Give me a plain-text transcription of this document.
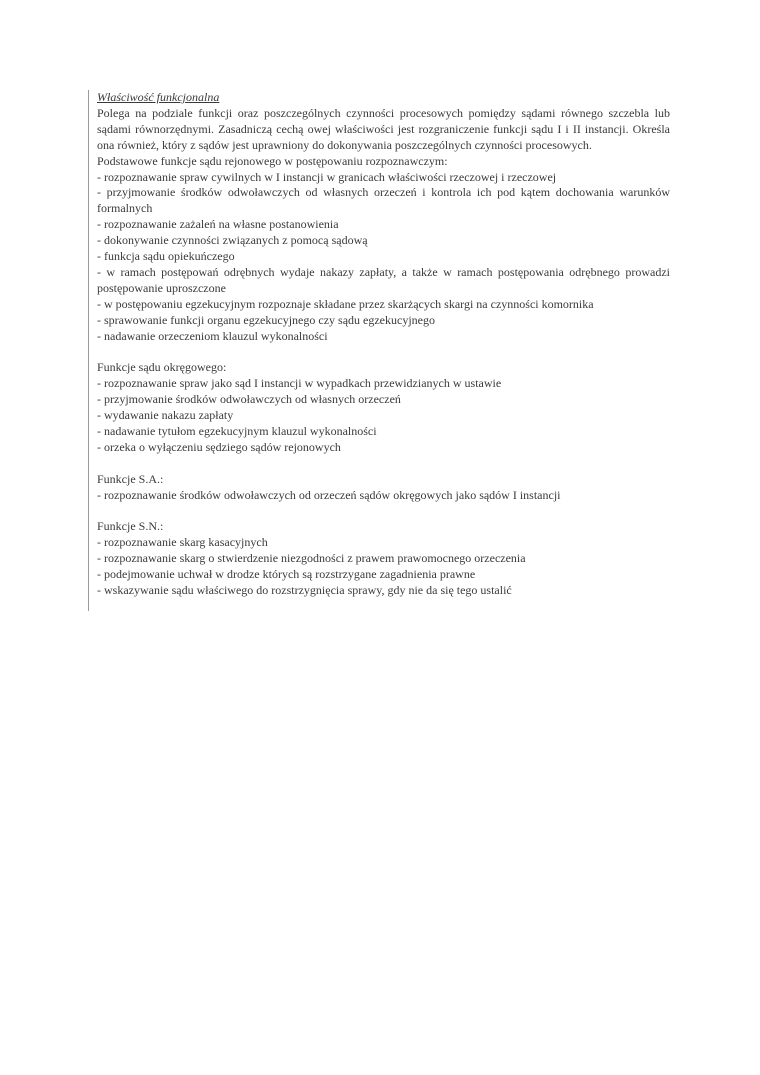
Właściwość funkcjonalna
Polega na podziale funkcji oraz poszczególnych czynności procesowych pomiędzy sądami równego szczebla lub sądami równorzędnymi. Zasadniczą cechą owej właściwości jest rozgraniczenie funkcji sądu I i II instancji. Określa ona również, który z sądów jest uprawniony do dokonywania poszczególnych czynności procesowych.
Podstawowe funkcje sądu rejonowego w postępowaniu rozpoznawczym:
- rozpoznawanie spraw cywilnych w I instancji w granicach właściwości rzeczowej i rzeczowej
- przyjmowanie środków odwoławczych od własnych orzeczeń i kontrola ich pod kątem dochowania warunków formalnych
- rozpoznawanie zażaleń na własne postanowienia
- dokonywanie czynności związanych z pomocą sądową
- funkcja sądu opiekuńczego
- w ramach postępowań odrębnych wydaje nakazy zapłaty, a także w ramach postępowania odrębnego prowadzi postępowanie uproszczone
- w postępowaniu egzekucyjnym rozpoznaje składane przez skarżących skargi na czynności komornika
- sprawowanie funkcji organu egzekucyjnego czy sądu egzekucyjnego
- nadawanie orzeczeniom klauzul wykonalności
Funkcje sądu okręgowego:
- rozpoznawanie spraw jako sąd I instancji w wypadkach przewidzianych w ustawie
- przyjmowanie środków odwoławczych od własnych orzeczeń
- wydawanie nakazu zapłaty
- nadawanie tytułom egzekucyjnym klauzul wykonalności
- orzeka o wyłączeniu sędziego sądów rejonowych
Funkcje S.A.:
- rozpoznawanie środków odwoławczych od orzeczeń sądów okręgowych jako sądów I instancji
Funkcje S.N.:
- rozpoznawanie skarg kasacyjnych
- rozpoznawanie skarg o stwierdzenie niezgodności z prawem prawomocnego orzeczenia
- podejmowanie uchwał w drodze których są rozstrzygane zagadnienia prawne
- wskazywanie sądu właściwego do rozstrzygnięcia sprawy, gdy nie da się tego ustalić
